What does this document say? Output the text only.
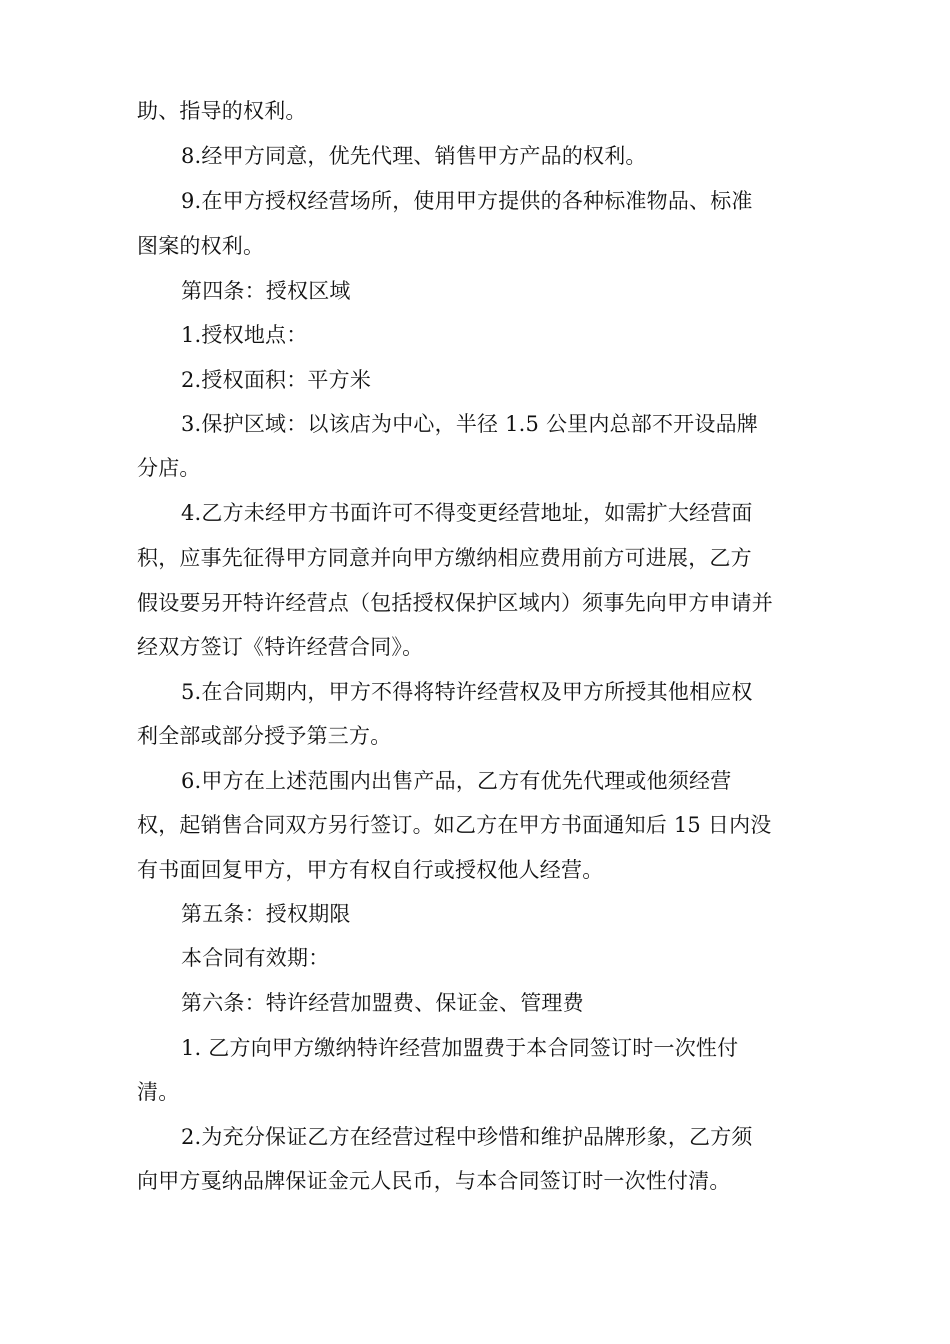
助、指导的权利。
8.经甲方同意，优先代理、销售甲方产品的权利。
9.在甲方授权经营场所，使用甲方提供的各种标准物品、标准
图案的权利。
第四条：授权区域
1.授权地点：
2.授权面积：平方米
3.保护区域：以该店为中心，半径 1.5 公里内总部不开设品牌
分店。
4.乙方未经甲方书面许可不得变更经营地址，如需扩大经营面
积，应事先征得甲方同意并向甲方缴纳相应费用前方可进展，乙方
假设要另开特许经营点（包括授权保护区域内）须事先向甲方申请并
经双方签订《特许经营合同》。
5.在合同期内，甲方不得将特许经营权及甲方所授其他相应权
利全部或部分授予第三方。
6.甲方在上述范围内出售产品，乙方有优先代理或他须经营
权，起销售合同双方另行签订。如乙方在甲方书面通知后 15 日内没
有书面回复甲方，甲方有权自行或授权他人经营。
第五条：授权期限
本合同有效期：
第六条：特许经营加盟费、保证金、管理费
1. 乙方向甲方缴纳特许经营加盟费于本合同签订时一次性付
清。
2.为充分保证乙方在经营过程中珍惜和维护品牌形象，乙方须
向甲方戛纳品牌保证金元人民币，与本合同签订时一次性付清。
